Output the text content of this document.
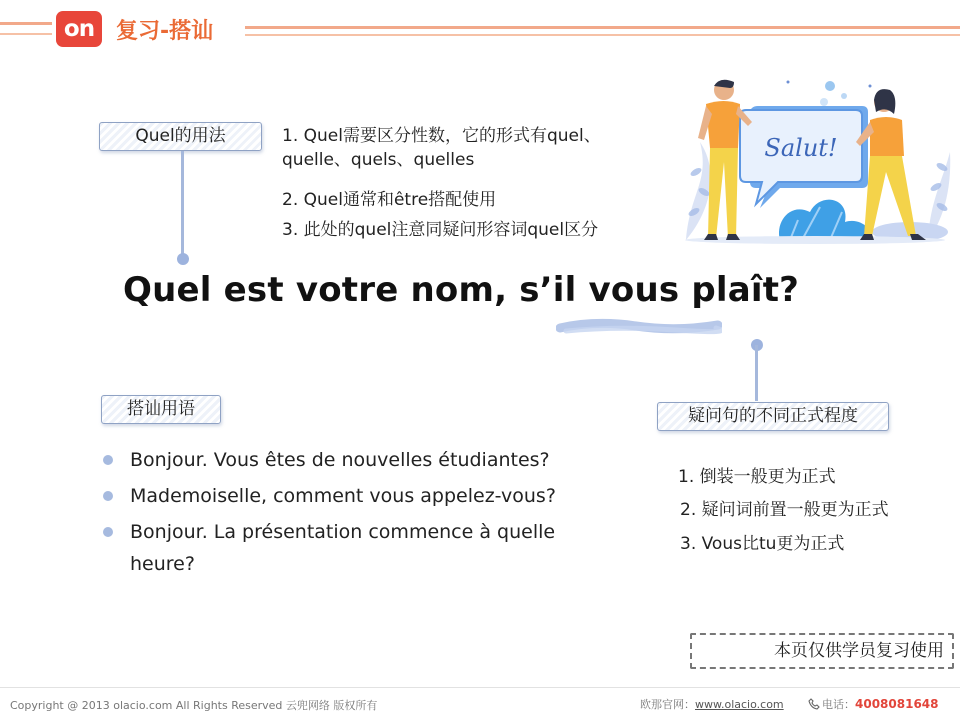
on 复习-搭讪
Quel的用法	1. Quel需要区分性数，它的形式有quel、
quelle、quels、quelles
2. Quel通常和être搭配使用
3. 此处的quel注意同疑问形容词quel区分
Salut!
Quel est votre nom, s’il vous plaît?
疑问句的不同正式程度
1. 倒装一般更为正式
2. 疑问词前置一般更为正式
3. Vous比tu更为正式
搭讪用语
Bonjour. Vous êtes de nouvelles étudiantes?
Mademoiselle, comment vous appelez-vous?
Bonjour. La présentation commence à quelle heure?
本页仅供学员复习使用
Copyright @ 2013 olacio.com All Rights Reserved 云兜网络 版权所有	欧那官网：www.olacio.com	电话：4008081648
